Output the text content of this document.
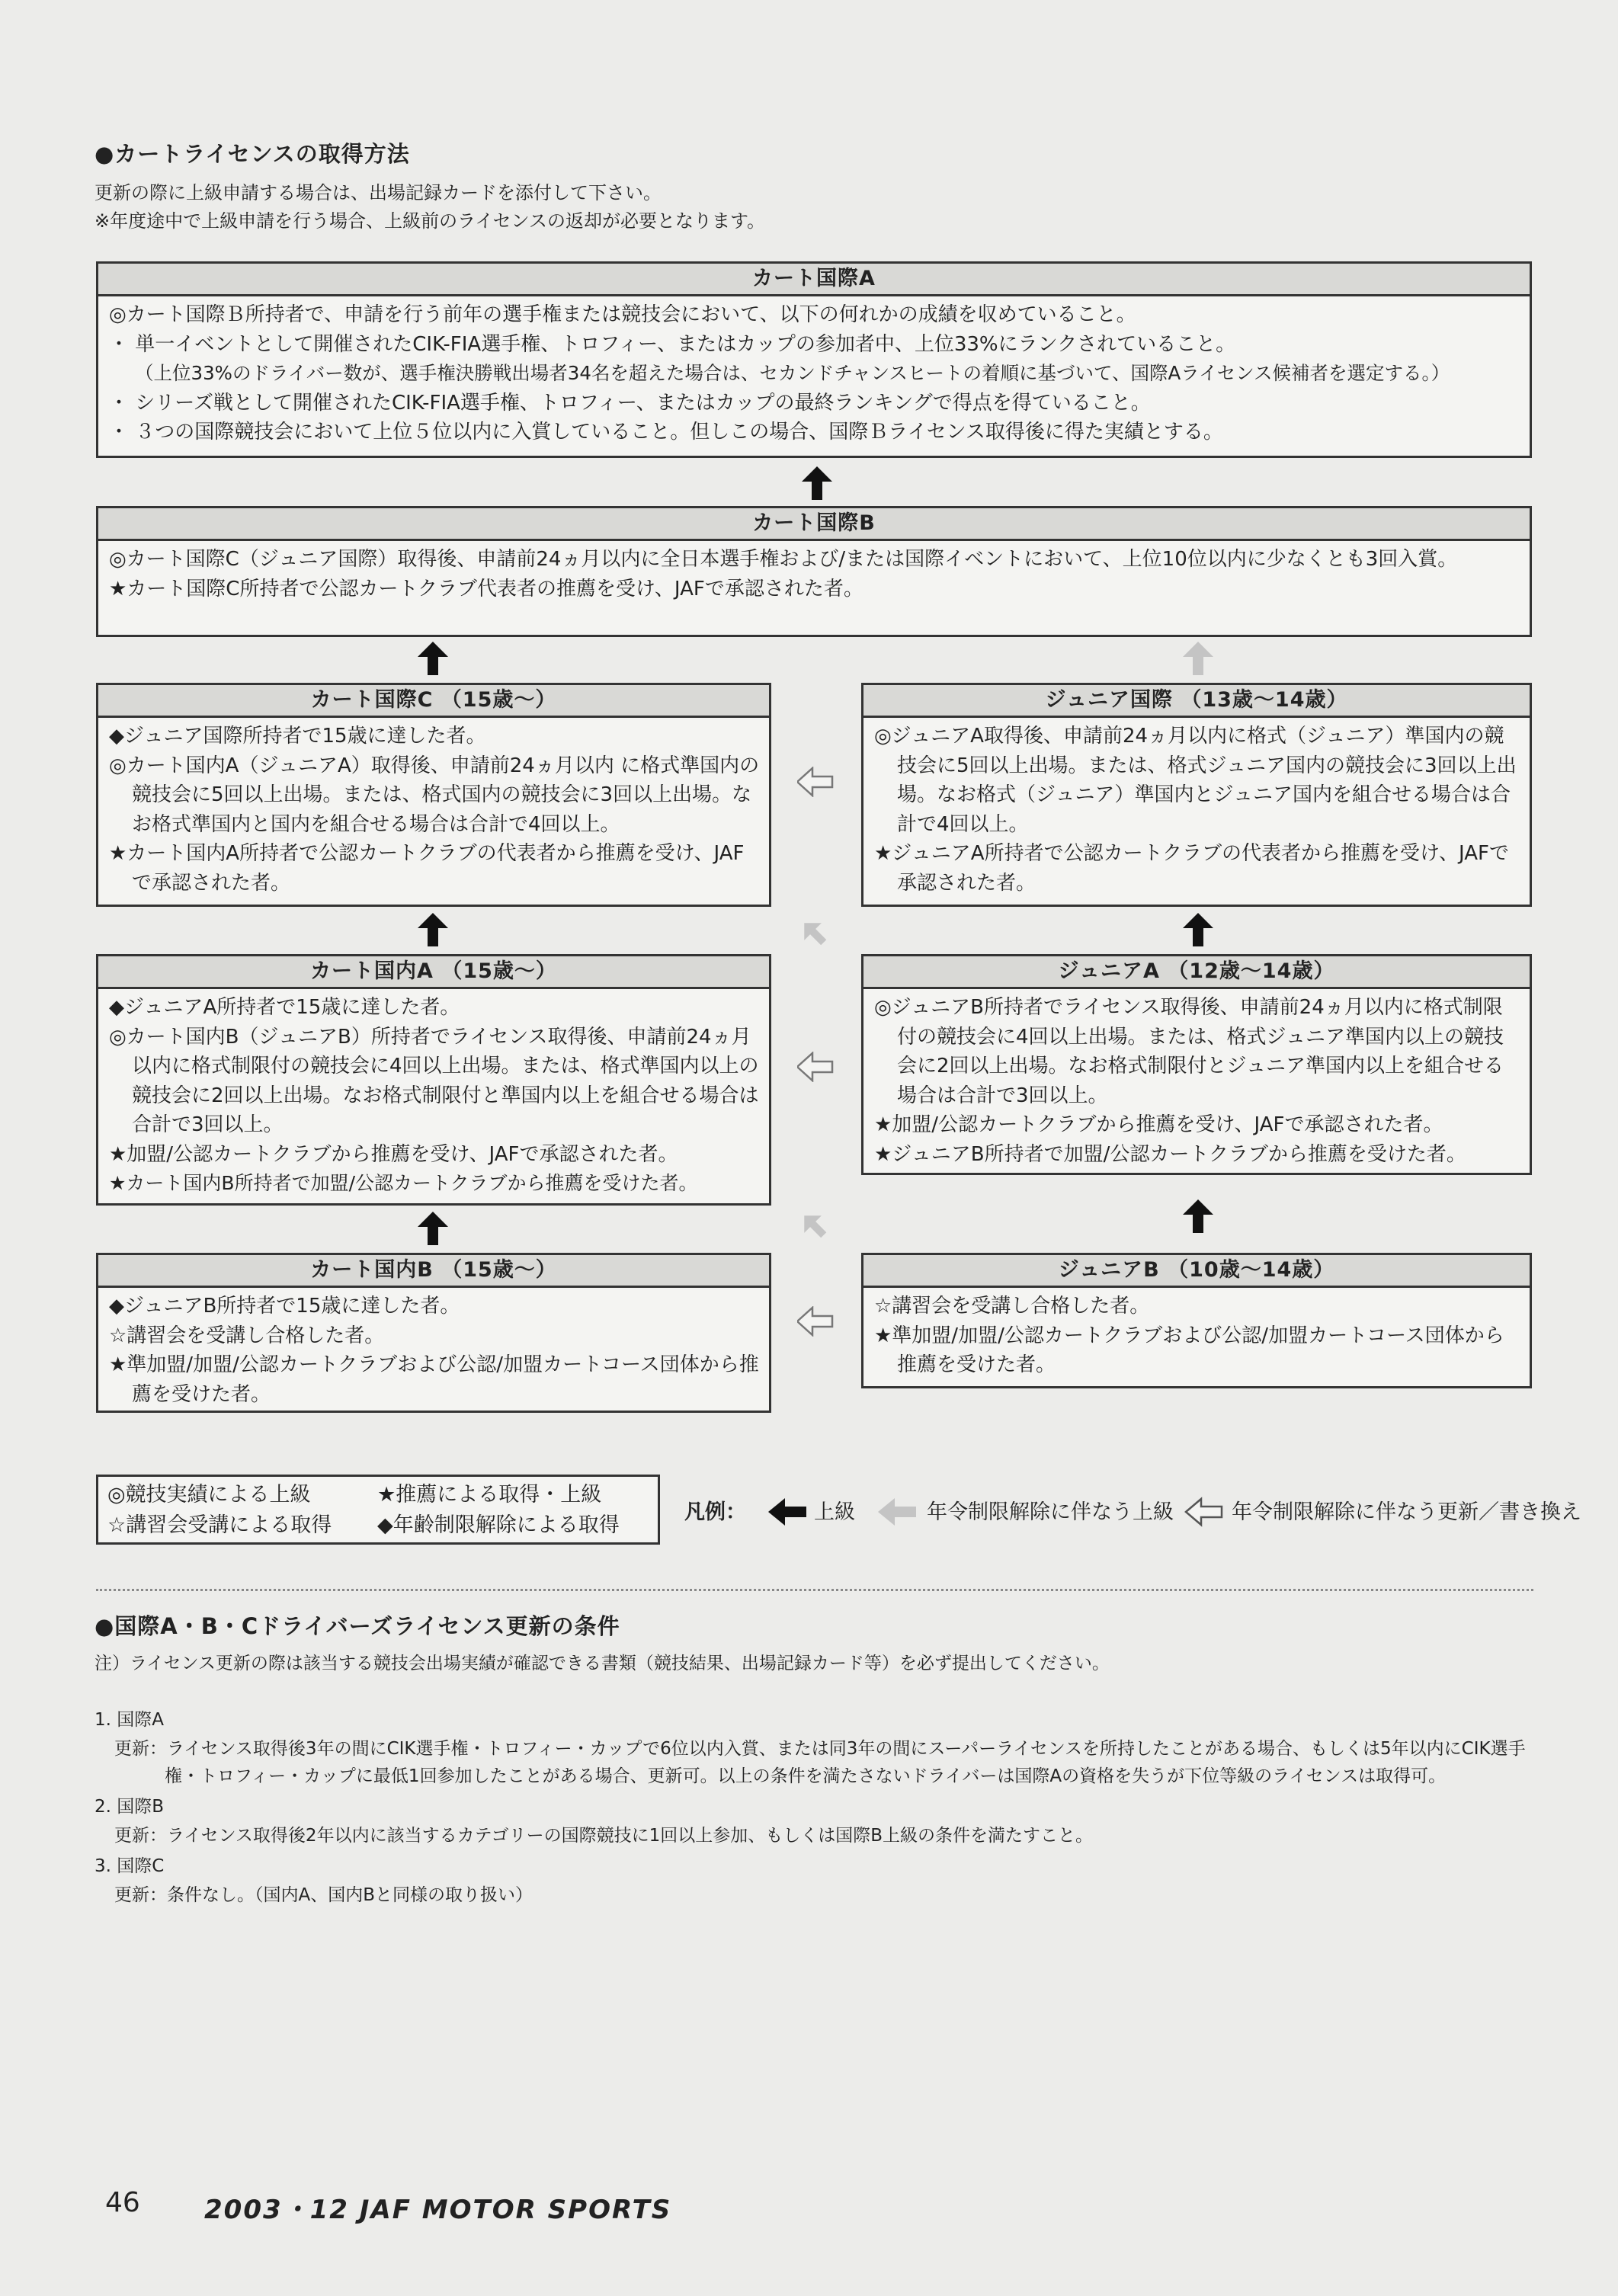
●カートライセンスの取得方法
更新の際に上級申請する場合は、出場記録カードを添付して下さい。
※年度途中で上級申請を行う場合、上級前のライセンスの返却が必要となります。
カート国際A
◎カート国際Ｂ所持者で、申請を行う前年の選手権または競技会において、以下の何れかの成績を収めていること。
・ 単一イベントとして開催されたCIK-FIA選手権、トロフィー、またはカップの参加者中、上位33%にランクされていること。
（上位33%のドライバー数が、選手権決勝戦出場者34名を超えた場合は、セカンドチャンスヒートの着順に基づいて、国際Aライセンス候補者を選定する。）
・ シリーズ戦として開催されたCIK-FIA選手権、トロフィー、またはカップの最終ランキングで得点を得ていること。
・ ３つの国際競技会において上位５位以内に入賞していること。但しこの場合、国際Ｂライセンス取得後に得た実績とする。
カート国際B
◎カート国際C（ジュニア国際）取得後、申請前24ヵ月以内に全日本選手権および/または国際イベントにおいて、上位10位以内に少なくとも3回入賞。
★カート国際C所持者で公認カートクラブ代表者の推薦を受け、JAFで承認された者。
カート国際C （15歳～）
◆ジュニア国際所持者で15歳に達した者。
◎カート国内A（ジュニアA）取得後、申請前24ヵ月以内 に格式準国内の競技会に5回以上出場。または、格式国内の競技会に3回以上出場。なお格式準国内と国内を組合せる場合は合計で4回以上。
★カート国内A所持者で公認カートクラブの代表者から推薦を受け、JAFで承認された者。
ジュニア国際 （13歳～14歳）
◎ジュニアA取得後、申請前24ヵ月以内に格式（ジュニア）準国内の競技会に5回以上出場。または、格式ジュニア国内の競技会に3回以上出場。なお格式（ジュニア）準国内とジュニア国内を組合せる場合は合計で4回以上。
★ジュニアA所持者で公認カートクラブの代表者から推薦を受け、JAFで承認された者。
カート国内A （15歳～）
◆ジュニアA所持者で15歳に達した者。
◎カート国内B（ジュニアB）所持者でライセンス取得後、申請前24ヵ月以内に格式制限付の競技会に4回以上出場。または、格式準国内以上の競技会に2回以上出場。なお格式制限付と準国内以上を組合せる場合は合計で3回以上。
★加盟/公認カートクラブから推薦を受け、JAFで承認された者。
★カート国内B所持者で加盟/公認カートクラブから推薦を受けた者。
ジュニアA （12歳～14歳）
◎ジュニアB所持者でライセンス取得後、申請前24ヵ月以内に格式制限付の競技会に4回以上出場。または、格式ジュニア準国内以上の競技会に2回以上出場。なお格式制限付とジュニア準国内以上を組合せる場合は合計で3回以上。
★加盟/公認カートクラブから推薦を受け、JAFで承認された者。
★ジュニアB所持者で加盟/公認カートクラブから推薦を受けた者。
カート国内B （15歳～）
◆ジュニアB所持者で15歳に達した者。
☆講習会を受講し合格した者。
★準加盟/加盟/公認カートクラブおよび公認/加盟カートコース団体から推薦を受けた者。
ジュニアB （10歳～14歳）
☆講習会を受講し合格した者。
★準加盟/加盟/公認カートクラブおよび公認/加盟カートコース団体から推薦を受けた者。
◎競技実績による上級	★推薦による取得・上級
☆講習会受講による取得 ◆年齢制限解除による取得
凡例：	上級	年令制限解除に伴なう上級	年令制限解除に伴なう更新／書き換え
●国際A・B・Cドライバーズライセンス更新の条件
注）ライセンス更新の際は該当する競技会出場実績が確認できる書類（競技結果、出場記録カード等）を必ず提出してください。
1. 国際A
更新：ライセンス取得後3年の間にCIK選手権・トロフィー・カップで6位以内入賞、または同3年の間にスーパーライセンスを所持したことがある場合、もしくは5年以内にCIK選手
権・トロフィー・カップに最低1回参加したことがある場合、更新可。以上の条件を満たさないドライバーは国際Aの資格を失うが下位等級のライセンスは取得可。
2. 国際B
更新：ライセンス取得後2年以内に該当するカテゴリーの国際競技に1回以上参加、もしくは国際B上級の条件を満たすこと。
3. 国際C
更新：条件なし。（国内A、国内Bと同様の取り扱い）
46 2003・12 JAF MOTOR SPORTS
